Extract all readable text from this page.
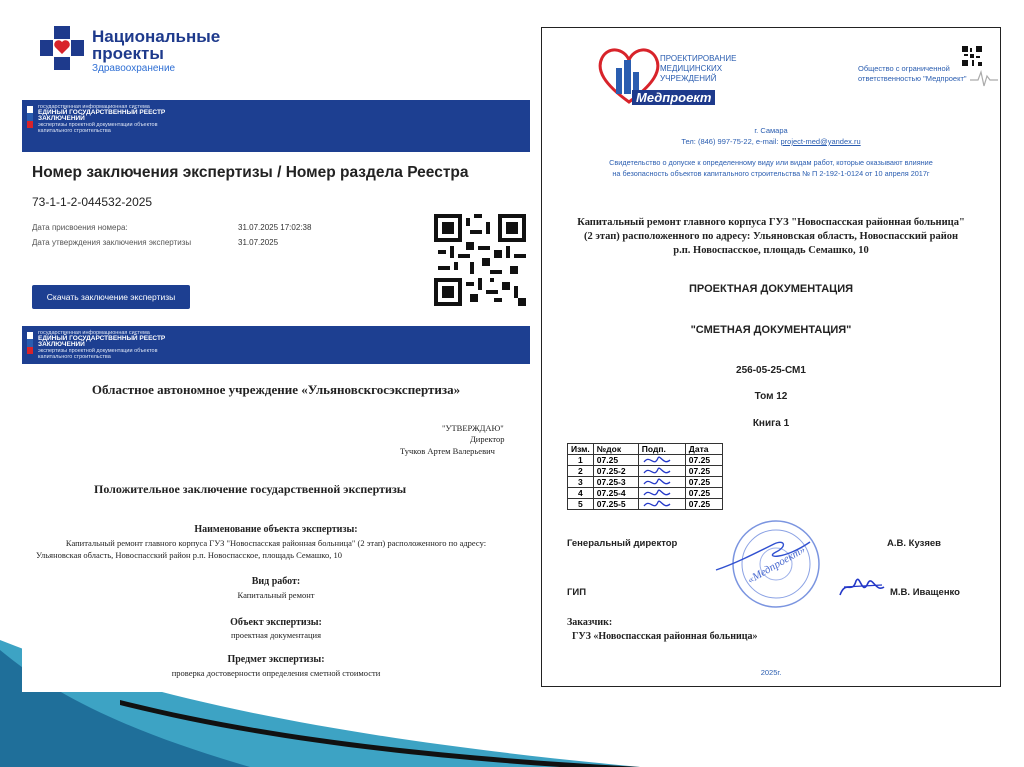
Национальные проекты
Здравоохранение
государственная информационная система
ЕДИНЫЙ ГОСУДАРСТВЕННЫЙ РЕЕСТР ЗАКЛЮЧЕНИЙ
экспертизы проектной документации объектов капитального строительства
Номер заключения экспертизы / Номер раздела Реестра
73-1-1-2-044532-2025
Дата присвоения номера:	31.07.2025 17:02:38
Дата утверждения заключения экспертизы	31.07.2025
Скачать заключение экспертизы
государственная информационная система
ЕДИНЫЙ ГОСУДАРСТВЕННЫЙ РЕЕСТР ЗАКЛЮЧЕНИЙ
экспертизы проектной документации объектов капитального строительства
Областное автономное учреждение «Ульяновскгосэкспертиза»
"УТВЕРЖДАЮ"
Директор
Тучков Артем Валерьевич
Положительное заключение государственной экспертизы
Наименование объекта экспертизы:
Капитальный ремонт главного корпуса ГУЗ "Новоспасская районная больница" (2 этап) расположенного по адресу:
Ульяновская область, Новоспасский район р.п. Новоспасское, площадь Семашко, 10
Вид работ:
Капитальный ремонт
Объект экспертизы:
проектная документация
Предмет экспертизы:
проверка достоверности определения сметной стоимости
ПРОЕКТИРОВАНИЕ
МЕДИЦИНСКИХ
УЧРЕЖДЕНИЙ
Медпроект
Общество с ограниченной
ответственностью "Медпроект"
г. Самара
Тел: (846) 997-75-22, e-mail: project-med@yandex.ru
Свидетельство о допуске к определенному виду или видам работ, которые оказывают влияние
на безопасность объектов капитального строительства № П 2-192-1-0124 от 10 апреля 2017г
Капитальный ремонт главного корпуса ГУЗ "Новоспасская районная больница"
(2 этап) расположенного по адресу: Ульяновская область, Новоспасский район
р.п. Новоспасское, площадь Семашко, 10
ПРОЕКТНАЯ ДОКУМЕНТАЦИЯ
"СМЕТНАЯ ДОКУМЕНТАЦИЯ"
256-05-25-СМ1
Том 12
Книга 1
Изм.	№док	Подп.	Дата
1	07.25		07.25
2	07.25-2		07.25
3	07.25-3		07.25
4	07.25-4		07.25
5	07.25-5		07.25
Генеральный директор	А.В. Кузяев
«Медпроект»
ГИП	М.В. Иващенко
Заказчик:
ГУЗ «Новоспасская районная больница»
2025г.
